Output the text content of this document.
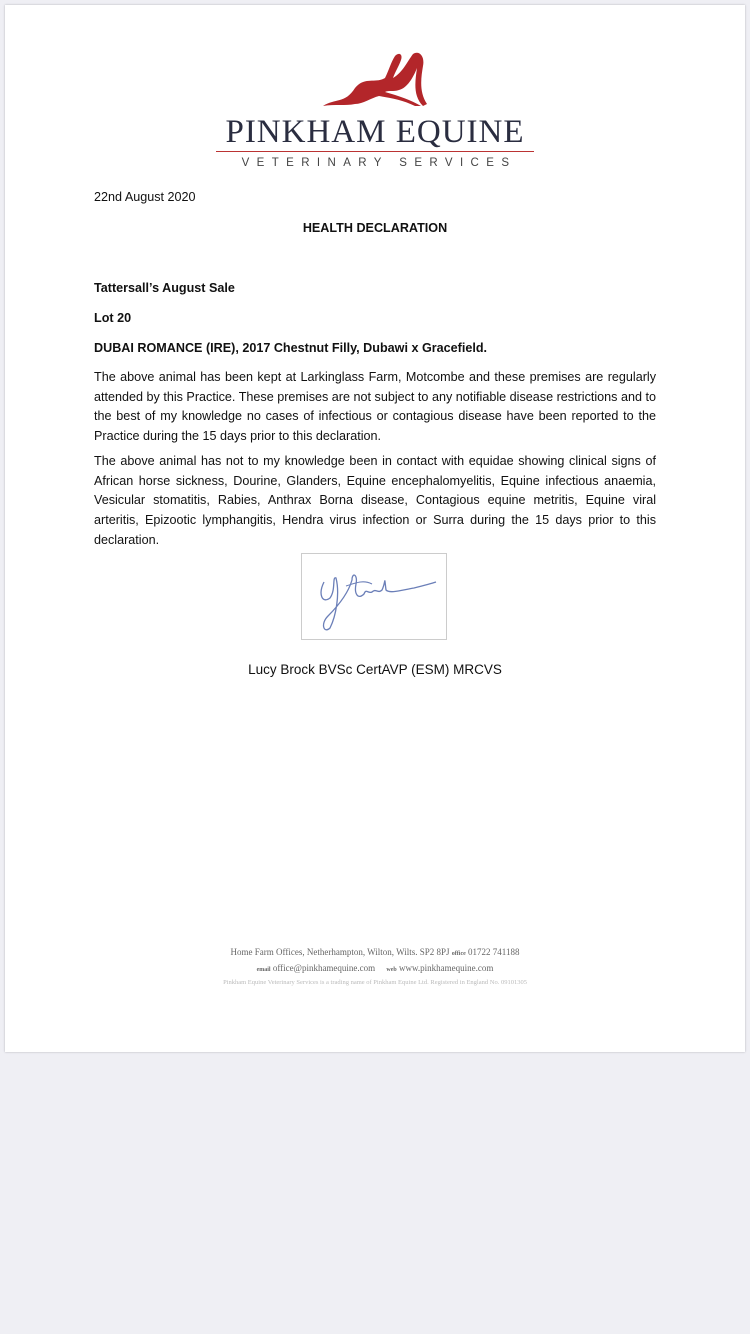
PINKHAM EQUINE
VETERINARY SERVICES
22nd August 2020
HEALTH DECLARATION
Tattersall’s August Sale
Lot 20
DUBAI ROMANCE (IRE), 2017 Chestnut Filly, Dubawi x Gracefield.
The above animal has been kept at Larkinglass Farm, Motcombe and these premises are regularly attended by this Practice. These premises are not subject to any notifiable disease restrictions and to the best of my knowledge no cases of infectious or contagious disease have been reported to the Practice during the 15 days prior to this declaration.
The above animal has not to my knowledge been in contact with equidae showing clinical signs of African horse sickness, Dourine, Glanders, Equine encephalomyelitis, Equine infectious anaemia, Vesicular stomatitis, Rabies, Anthrax Borna disease, Contagious equine metritis, Equine viral arteritis, Epizootic lymphangitis, Hendra virus infection or Surra during the 15 days prior to this declaration.
Lucy Brock BVSc CertAVP (ESM) MRCVS
Home Farm Offices, Netherhampton, Wilton, Wilts. SP2 8PJ office 01722 741188
email office@pinkhamequine.com web www.pinkhamequine.com
Pinkham Equine Veterinary Services is a trading name of Pinkham Equine Ltd. Registered in England No. 09101305
